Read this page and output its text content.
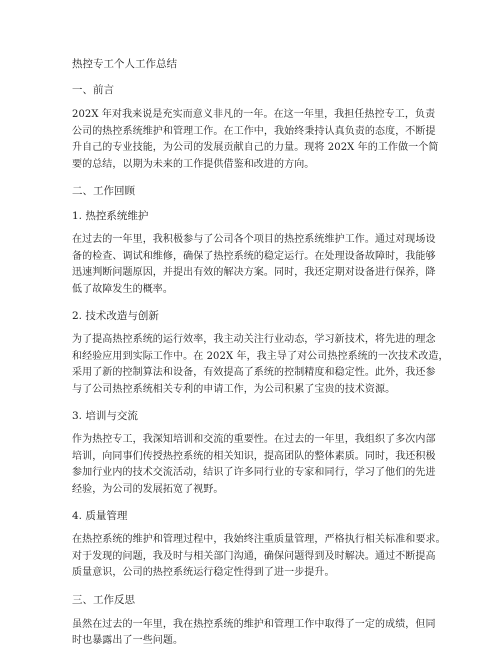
热控专工个人工作总结
一、前言

202X 年对我来说是充实而意义非凡的一年。在这一年里，我担任热控专工，负责
公司的热控系统维护和管理工作。在工作中，我始终秉持认真负责的态度，不断提
升自己的专业技能，为公司的发展贡献自己的力量。现将 202X 年的工作做一个简
要的总结，以期为未来的工作提供借鉴和改进的方向。

二、工作回顾
1. 热控系统维护

在过去的一年里，我积极参与了公司各个项目的热控系统维护工作。通过对现场设
备的检查、调试和维修，确保了热控系统的稳定运行。在处理设备故障时，我能够
迅速判断问题原因，并提出有效的解决方案。同时，我还定期对设备进行保养，降
低了故障发生的概率。

2. 技术改造与创新

为了提高热控系统的运行效率，我主动关注行业动态，学习新技术，将先进的理念
和经验应用到实际工作中。在 202X 年，我主导了对公司热控系统的一次技术改造，
采用了新的控制算法和设备，有效提高了系统的控制精度和稳定性。此外，我还参
与了公司热控系统相关专利的申请工作，为公司积累了宝贵的技术资源。

3. 培训与交流

作为热控专工，我深知培训和交流的重要性。在过去的一年里，我组织了多次内部
培训，向同事们传授热控系统的相关知识，提高团队的整体素质。同时，我还积极
参加行业内的技术交流活动，结识了许多同行业的专家和同行，学习了他们的先进
经验，为公司的发展拓宽了视野。

4. 质量管理

在热控系统的维护和管理过程中，我始终注重质量管理，严格执行相关标准和要求。
对于发现的问题，我及时与相关部门沟通，确保问题得到及时解决。通过不断提高
质量意识，公司的热控系统运行稳定性得到了进一步提升。

三、工作反思

虽然在过去的一年里，我在热控系统的维护和管理工作中取得了一定的成绩，但同
时也暴露出了一些问题。
